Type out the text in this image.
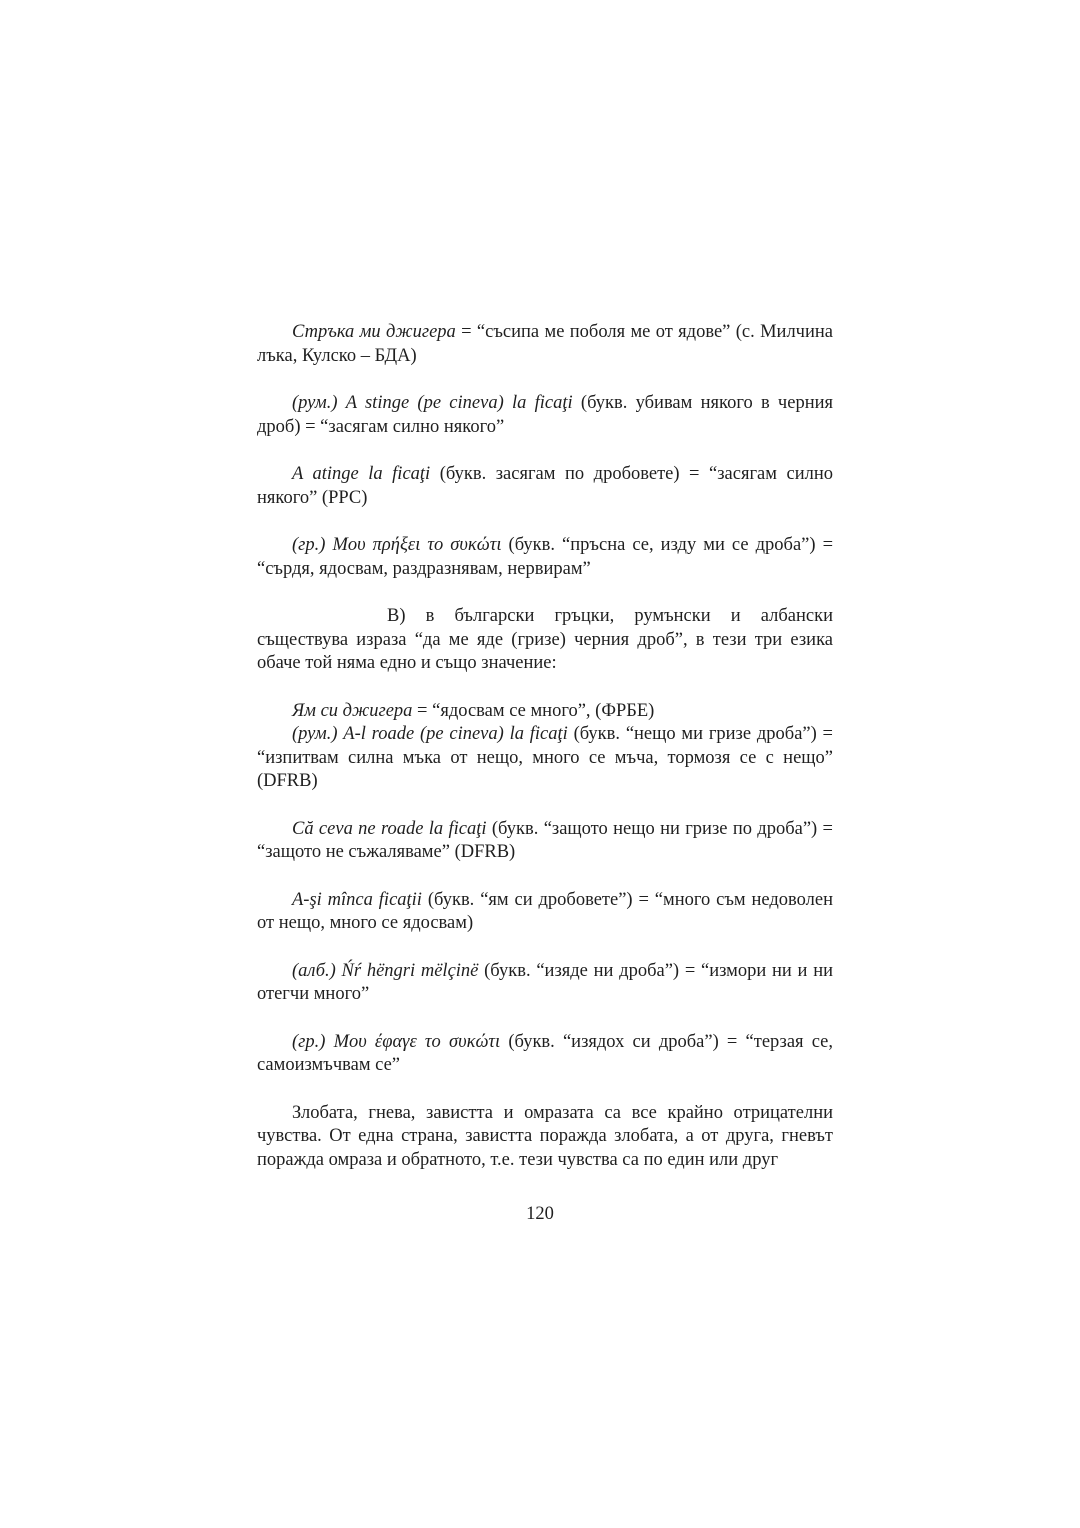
Стръка ми джигера = “съсипа ме поболя ме от ядове” (с. Милчина лъка, Кулско – БДА)

(рум.) A stinge (pe cineva) la ficaţi (букв. убивам някого в черния дроб) = “засягам силно някого”

A atinge la ficaţi (букв. засягам по дробовете) = “засягам силно някого” (РРС)

(гр.) Μου πρήξει το συκώτι (букв. “пръсна се, изду ми се дроба”) = “сърдя, ядосвам, раздразнявам, нервирам”

В) в български гръцки, румънски и албански съществува израза “да ме яде (гризе) черния дроб”, в тези три езика обаче той няма едно и също значение:

Ям си джигера = “ядосвам се много”, (ФРБЕ)

(рум.) A-l roade (pe cineva) la ficaţi (букв. “нещо ми гризе дроба”) = “изпитвам силна мъка от нещо, много се мъча, тормозя се с нещо” (DFRB)

Că ceva ne roade la ficaţi (букв. “защото нещо ни гризе по дроба”) = “защото не съжаляваме” (DFRB)

A-şi mînca ficaţii (букв. “ям си дробовете”) = “много съм недоволен от нещо, много се ядосвам)

(алб.) Ńŕ hëngri mëlçinë (букв. “изяде ни дроба”) = “измори ни и ни отегчи много”

(гр.) Μου έφαγε το συκώτι (букв. “изядох си дроба”) = “терзая се, самоизмъчвам се”

Злобата, гнева, завистта и омразата са все крайно отрицателни чувства. От една страна, завистта поражда злобата, а от друга, гневът поражда омраза и обратното, т.е. тези чувства са по един или друг

120
